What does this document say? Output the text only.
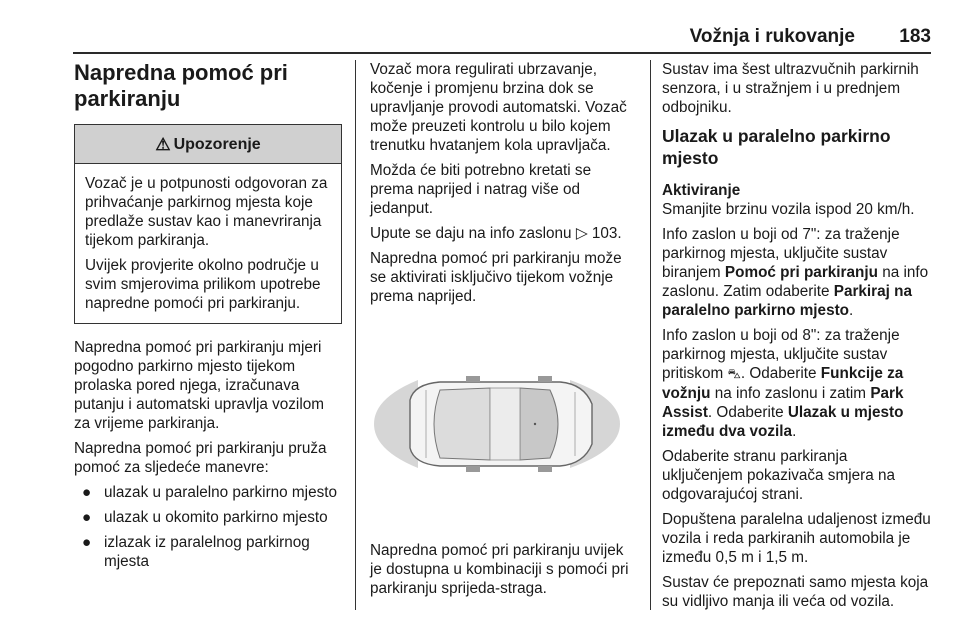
Vožnja i rukovanje 183
Napredna pomoć pri parkiranju
⚠ Upozorenje

Vozač je u potpunosti odgovoran za prihvaćanje parkirnog mjesta koje predlaže sustav kao i manevriranja tijekom parkiranja.

Uvijek provjerite okolno područje u svim smjerovima prilikom upotrebe napredne pomoći pri parkiranju.

Napredna pomoć pri parkiranju mjeri pogodno parkirno mjesto tijekom prolaska pored njega, izračunava putanju i automatski upravlja vozilom za vrijeme parkiranja.

Napredna pomoć pri parkiranju pruža pomoć za sljedeće manevre:

● ulazak u paralelno parkirno mjesto
● ulazak u okomito parkirno mjesto
● izlazak iz paralelnog parkirnog mjesta

Vozač mora regulirati ubrzavanje, kočenje i promjenu brzina dok se upravljanje provodi automatski. Vozač može preuzeti kontrolu u bilo kojem trenutku hvatanjem kola upravljača.

Možda će biti potrebno kretati se prema naprijed i natrag više od jedanput.

Upute se daju na info zaslonu ▷ 103.

Napredna pomoć pri parkiranju može se aktivirati isključivo tijekom vožnje prema naprijed.

Napredna pomoć pri parkiranju uvijek je dostupna u kombinaciji s pomoći pri parkiranju sprijeda-straga.

Sustav ima šest ultrazvučnih parkirnih senzora, i u stražnjem i u prednjem odbojniku.

Ulazak u paralelno parkirno mjesto
Aktiviranje

Smanjite brzinu vozila ispod 20 km/h.

Info zaslon u boji od 7": za traženje parkirnog mjesta, uključite sustav biranjem Pomoć pri parkiranju na info zaslonu. Zatim odaberite Parkiraj na paralelno parkirno mjesto.

Info zaslon u boji od 8": za traženje parkirnog mjesta, uključite sustav pritiskom ⛍. Odaberite Funkcije za vožnju na info zaslonu i zatim Park Assist. Odaberite Ulazak u mjesto između dva vozila.

Odaberite stranu parkiranja uključenjem pokazivača smjera na odgovarajućoj strani.

Dopuštena paralelna udaljenost između vozila i reda parkiranih automobila je između 0,5 m i 1,5 m.

Sustav će prepoznati samo mjesta koja su vidljivo manja ili veća od vozila.
